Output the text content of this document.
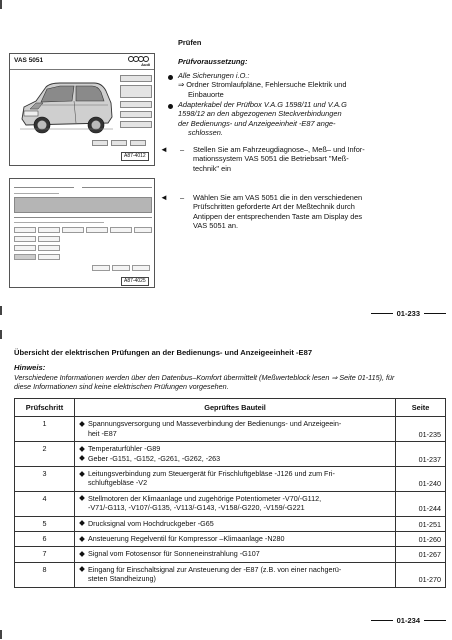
VAS 5051
Audi
A87-4012
A87-4025
Prüfen
Prüfvoraussetzung:
Alle Sicherungen i.O.:
⇒ Ordner Stromlaufpläne, Fehlersuche Elektrik und
Einbauorte
Adapterkabel der Prüfbox V.A.G 1598/11 und V.A.G
1598/12 an den abgezogenen Steckverbindungen
der Bedienungs- und Anzeigeeinheit -E87 ange-
schlossen.
◄ – Stellen Sie am Fahrzeugdiagnose–, Meß– und Infor-
mationssystem VAS 5051 die Betriebsart "Meß-
technik" ein
◄ – Wählen Sie am VAS 5051 die in den verschiedenen
Prüfschritten geforderte Art der Meßtechnik durch
Antippen der entsprechenden Taste am Display des
VAS 5051 an.
01-233
Übersicht der elektrischen Prüfungen an der Bedienungs- und Anzeigeeinheit -E87
Hinweis:
Verschiedene Informationen werden über den Datenbus–Komfort übermittelt (Meßwerteblock lesen ⇒ Seite 01-115), für
diese Informationen sind keine elektrischen Prüfungen vorgesehen.
Prüfschritt	Geprüftes Bauteil	Seite
1	Spannungsversorgung und Masseverbindung der Bedienungs- und Anzeigeein-
heit -E87	01-235
2	Temperaturfühler -G89
Geber -G151, -G152, -G261, -G262, -263	01-237
3	Leitungsverbindung zum Steuergerät für Frischluftgebläse -J126 und zum Fri-
schluftgebläse -V2	01-240
4	Stellmotoren der Klimaanlage und zugehörige Potentiometer -V70/-G112,
-V71/-G113, -V107/-G135, -V113/-G143, -V158/-G220, -V159/-G221	01-244
5	Drucksignal vom Hochdruckgeber -G65	01-251
6	Ansteuerung Regelventil für Kompressor –Klimaanlage -N280	01-260
7	Signal vom Fotosensor für Sonneneinstrahlung -G107	01-267
8	Eingang für Einschaltsignal zur Ansteuerung der -E87 (z.B. von einer nachgerü-
steten Standheizung)	01-270
01-234
